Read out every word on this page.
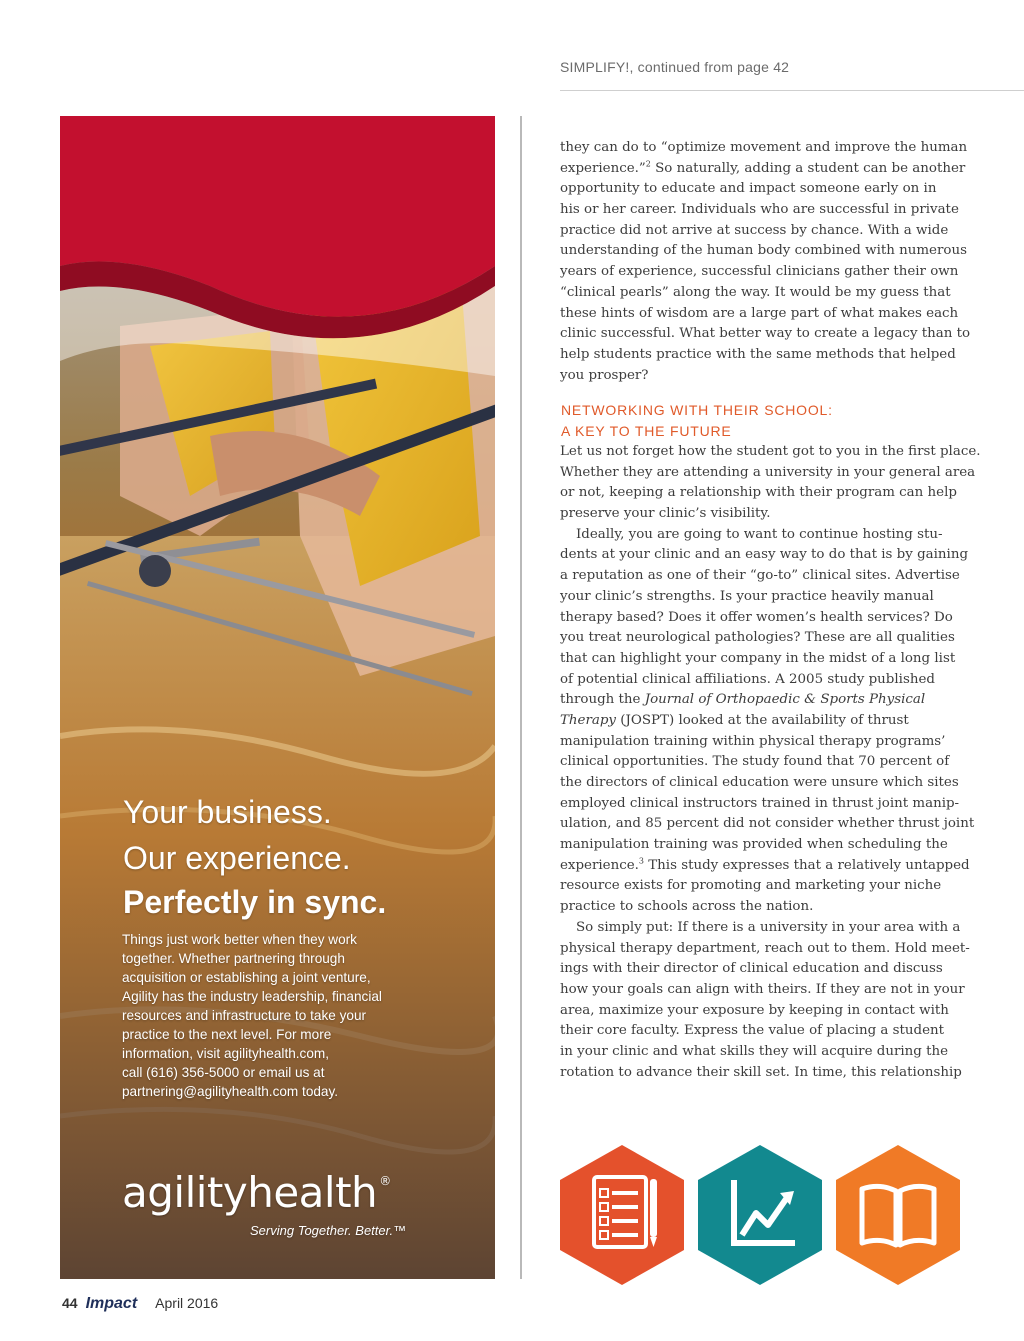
SIMPLIFY!, continued from page 42
Your business.
Our experience.
Perfectly in sync.
Things just work better when they work
together. Whether partnering through
acquisition or establishing a joint venture,
Agility has the industry leadership, financial
resources and infrastructure to take your
practice to the next level. For more
information, visit agilityhealth.com,
call (616) 356-5000 or email us at
partnering@agilityhealth.com today.
agilityhealth ®
Serving Together. Better.™
they can do to “optimize movement and improve the human
experience.”$^2$ So naturally, adding a student can be another
opportunity to educate and impact someone early on in
his or her career. Individuals who are successful in private
practice did not arrive at success by chance. With a wide
understanding of the human body combined with numerous
years of experience, successful clinicians gather their own
“clinical pearls” along the way. It would be my guess that
these hints of wisdom are a large part of what makes each
clinic successful. What better way to create a legacy than to
help students practice with the same methods that helped
you prosper?
NETWORKING WITH THEIR SCHOOL:
A KEY TO THE FUTURE
Let us not forget how the student got to you in the first place.
Whether they are attending a university in your general area
or not, keeping a relationship with their program can help
preserve your clinic’s visibility.
Ideally, you are going to want to continue hosting stu-
dents at your clinic and an easy way to do that is by gaining
a reputation as one of their “go-to” clinical sites. Advertise
your clinic’s strengths. Is your practice heavily manual
therapy based? Does it offer women’s health services? Do
you treat neurological pathologies? These are all qualities
that can highlight your company in the midst of a long list
of potential clinical affiliations. A 2005 study published
through the Journal of Orthopaedic & Sports Physical
Therapy (JOSPT) looked at the availability of thrust
manipulation training within physical therapy programs’
clinical opportunities. The study found that 70 percent of
the directors of clinical education were unsure which sites
employed clinical instructors trained in thrust joint manip-
ulation, and 85 percent did not consider whether thrust joint
manipulation training was provided when scheduling the
experience.$^3$ This study expresses that a relatively untapped
resource exists for promoting and marketing your niche
practice to schools across the nation.
So simply put: If there is a university in your area with a
physical therapy department, reach out to them. Hold meet-
ings with their director of clinical education and discuss
how your goals can align with theirs. If they are not in your
area, maximize your exposure by keeping in contact with
their core faculty. Express the value of placing a student
in your clinic and what skills they will acquire during the
rotation to advance their skill set. In time, this relationship
44 Impact April 2016
